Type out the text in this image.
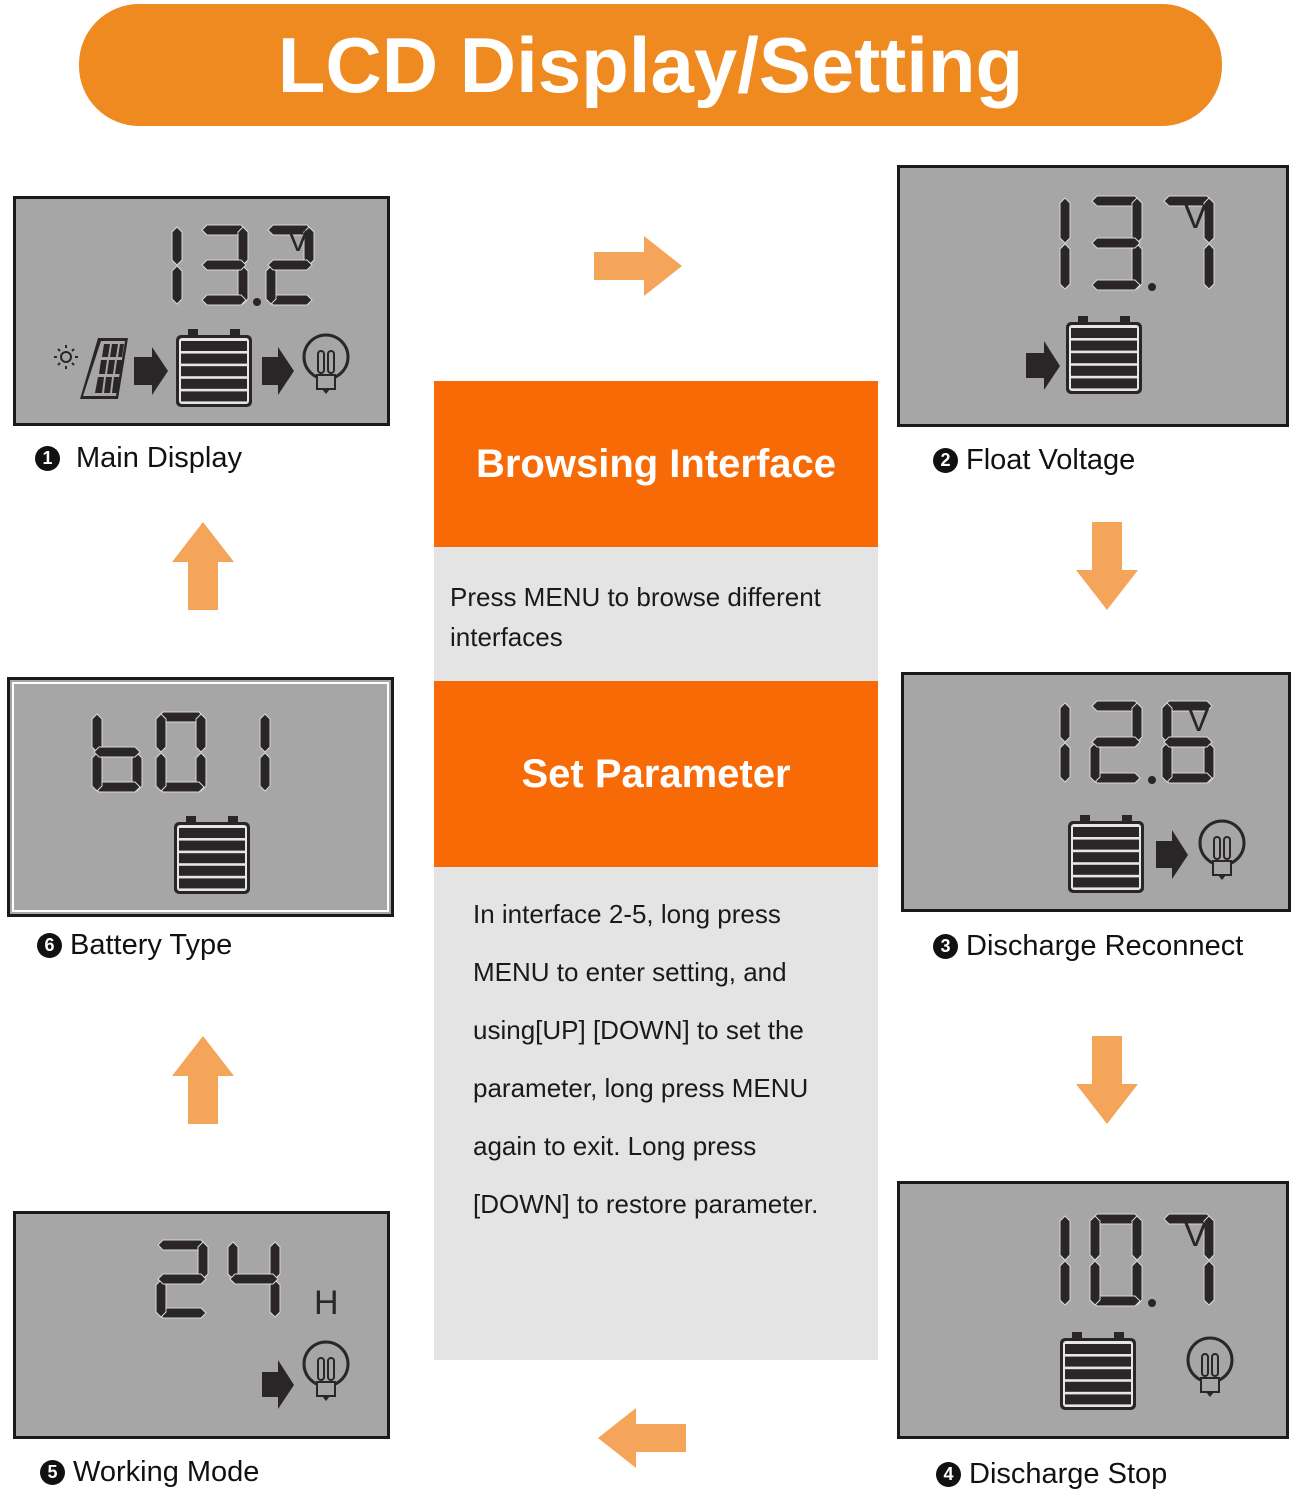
LCD Display/Setting
V
1 Main Display
V
2 Float Voltage
V
3 Discharge Reconnect
V
4 Discharge Stop
H
5 Working Mode
6 Battery Type
Browsing Interface

Press MENU to browse different interfaces

Set Parameter

In interface 2-5, long press

MENU to enter setting, and

using[UP] [DOWN] to set the

parameter, long press MENU

again to exit. Long press

[DOWN] to restore parameter.
